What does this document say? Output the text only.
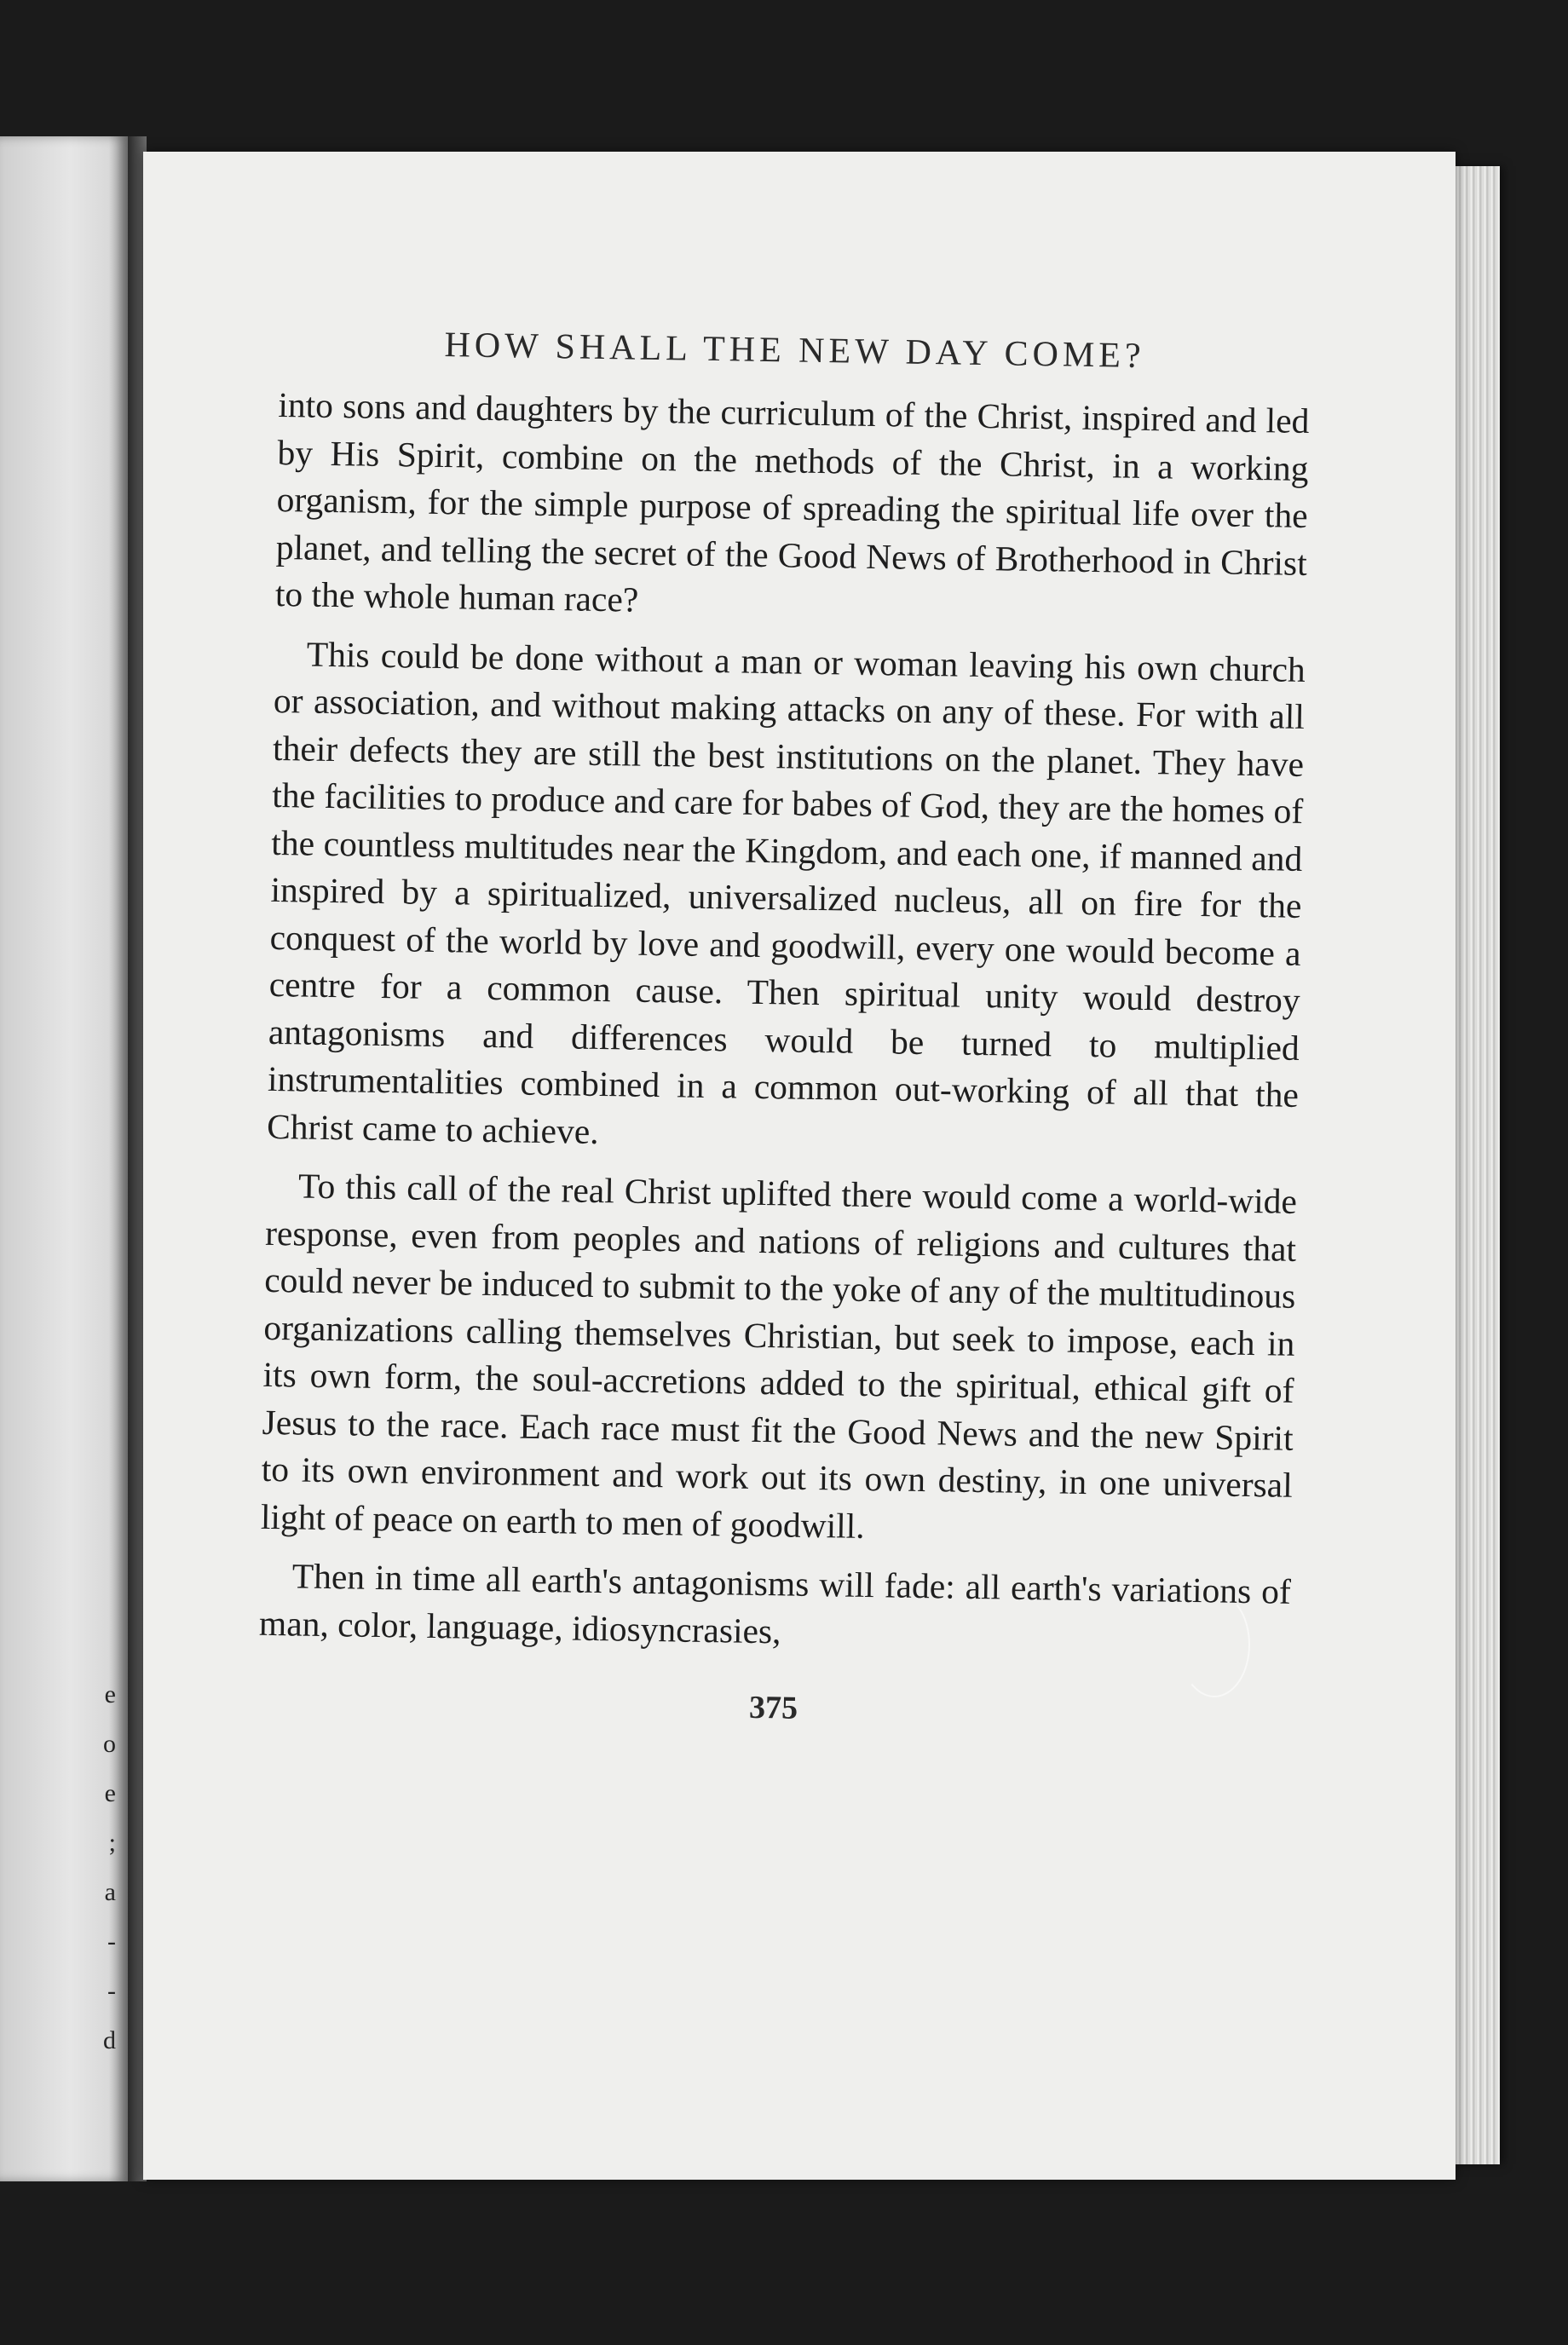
e
o
e
;
a
-
-
d
HOW SHALL THE NEW DAY COME?

into sons and daughters by the curriculum of the Christ, inspired and led by His Spirit, combine on the methods of the Christ, in a working organism, for the simple purpose of spreading the spiritual life over the planet, and telling the secret of the Good News of Brotherhood in Christ to the whole human race?

This could be done without a man or woman leaving his own church or association, and without making attacks on any of these. For with all their defects they are still the best institutions on the planet. They have the facilities to produce and care for babes of God, they are the homes of the countless multitudes near the Kingdom, and each one, if manned and inspired by a spiritualized, universalized nucleus, all on fire for the conquest of the world by love and goodwill, every one would become a centre for a common cause. Then spiritual unity would destroy antagonisms and differences would be turned to multiplied instrumentalities combined in a common out-working of all that the Christ came to achieve.

To this call of the real Christ uplifted there would come a world-wide response, even from peoples and nations of religions and cultures that could never be induced to submit to the yoke of any of the multitudinous organizations calling themselves Christian, but seek to impose, each in its own form, the soul-accretions added to the spiritual, ethical gift of Jesus to the race. Each race must fit the Good News and the new Spirit to its own environment and work out its own destiny, in one universal light of peace on earth to men of goodwill.

Then in time all earth's antagonisms will fade: all earth's variations of man, color, language, idiosyncrasies,

375
